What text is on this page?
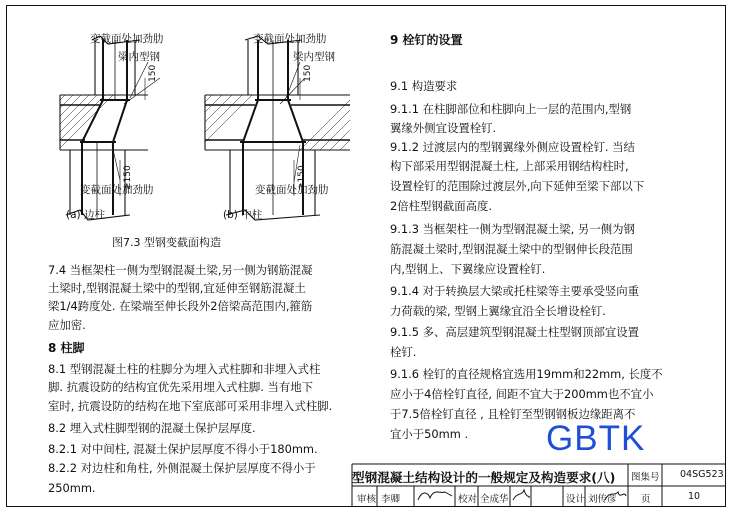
变截面处加劲肋
梁内型钢
变截面处加劲肋
150
≥150
变截面处加劲肋
梁内型钢
变截面处加劲肋
150
≥150
(a) 边柱	(b) 中柱
图7.3 型钢变截面构造
7.4 当框架柱一侧为型钢混凝土梁,另一侧为钢筋混凝
土梁时,型钢混凝土梁中的型钢,宜延伸至钢筋混凝土
梁1/4跨度处. 在梁端至伸长段外2倍梁高范围内,箍筋
应加密.
8 柱脚
8.1 型钢混凝土柱的柱脚分为埋入式柱脚和非埋入式柱
脚. 抗震设防的结构宜优先采用埋入式柱脚. 当有地下
室时, 抗震设防的结构在地下室底部可采用非埋入式柱脚.
8.2 埋入式柱脚型钢的混凝土保护层厚度.
8.2.1 对中间柱, 混凝土保护层厚度不得小于180mm.
8.2.2 对边柱和角柱, 外侧混凝土保护层厚度不得小于
250mm.
9 栓钉的设置
9.1 构造要求
9.1.1 在柱脚部位和柱脚向上一层的范围内,型钢
翼缘外侧宜设置栓钉.
9.1.2 过渡层内的型钢翼缘外侧应设置栓钉. 当结
构下部采用型钢混凝土柱, 上部采用钢结构柱时,
设置栓钉的范围除过渡层外,向下延伸至梁下部以下
2倍柱型钢截面高度.
9.1.3 当框架柱一侧为型钢混凝土梁, 另一侧为钢
筋混凝土梁时,型钢混凝土梁中的型钢伸长段范围
内,型钢上、下翼缘应设置栓钉.
9.1.4 对于转换层大梁或托柱梁等主要承受竖向重
力荷载的梁, 型钢上翼缘宜沿全长增设栓钉.
9.1.5 多、高层建筑型钢混凝土柱型钢顶部宜设置
栓钉.
9.1.6 栓钉的直径规格宜选用19mm和22mm, 长度不
应小于4倍栓钉直径, 间距不宜大于200mm也不宜小
于7.5倍栓钉直径 , 且栓钉至型钢钢板边缘距离不
宜小于50mm . GBTK
型钢混凝土结构设计的一般规定及构造要求(八) 图集号 04SG523
审核 李卿	校对 全成华	设计 刘传彦	页	10
